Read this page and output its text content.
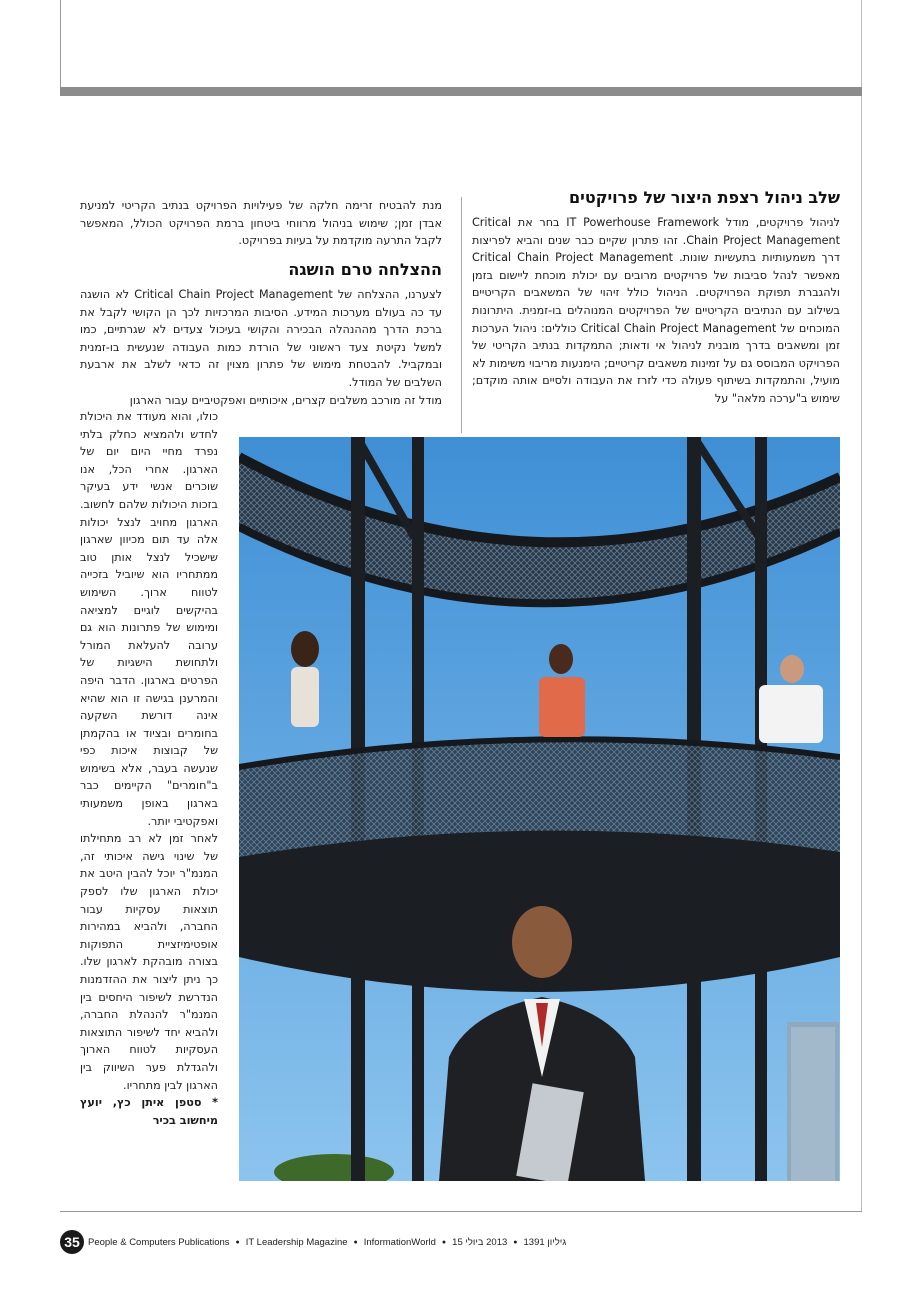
שלב ניהול רצפת היצור של פרויקטים

לניהול פרויקטים, מודל IT Powerhouse Framework בחר את Critical Chain Project Management. זהו פתרון שקיים כבר שנים והביא לפריצות דרך משמעותיות בתעשיות שונות. Critical Chain Project Management מאפשר לנהל סביבות של פרויקטים מרובים עם יכולת מוכחת ליישום בזמן ולהגברת תפוקת הפרויקטים. הניהול כולל זיהוי של המשאבים הקריטיים בשילוב עם הנתיבים הקריטיים של הפרויקטים המנוהלים בו-זמנית. היתרונות המוכחים של Critical Chain Project Management כוללים: ניהול הערכות זמן ומשאבים בדרך מובנית לניהול אי ודאות; התמקדות בנתיב הקריטי של הפרויקט המבוסס גם על זמינות משאבים קריטיים; הימנעות מריבוי משימות לא מועיל, והתמקדות בשיתוף פעולה כדי לזרז את העבודה ולסיים אותה מוקדם; שימוש ב"ערכה מלאה" על

מנת להבטיח זרימה חלקה של פעילויות הפרויקט בנתיב הקריטי למניעת אבדן זמן; שימוש בניהול מרווחי ביטחון ברמת הפרויקט הכולל, המאפשר לקבל התרעה מוקדמת על בעיות בפרויקט.

ההצלחה טרם הושגה

לצערנו, ההצלחה של Critical Chain Project Management לא הושגה עד כה בעולם מערכות המידע. הסיבות המרכזיות לכך הן הקושי לקבל את ברכת הדרך מההנהלה הבכירה והקושי בעיכול צעדים לא שגרתיים, כמו למשל נקיטת צעד ראשוני של הורדת כמות העבודה שנעשית בו-זמנית ובמקביל. להבטחת מימוש של פתרון מצוין זה כדאי לשלב את ארבעת השלבים של המודל.

מודל זה מורכב משלבים קצרים, איכותיים ואפקטיביים עבור הארגון

כולו, והוא מעודד את היכולת לחדש ולהמציא כחלק בלתי נפרד מחיי היום יום של הארגון. אחרי הכל, אנו שוכרים אנשי ידע בעיקר בזכות היכולות שלהם לחשוב. הארגון מחויב לנצל יכולות אלה עד תום מכיוון שארגון שישכיל לנצל אותן טוב ממתחריו הוא שיוביל בזכייה לטווח ארוך. השימוש בהיקשים לוגיים למציאה ומימוש של פתרונות הוא גם ערובה להעלאת המורל ולתחושת הישגיות של הפרטים בארגון. הדבר היפה והמרענן בגישה זו הוא שהיא אינה דורשת השקעה בחומרים ובציוד או בהקמתן של קבוצות איכות כפי שנעשה בעבר, אלא בשימוש ב"חומרים" הקיימים כבר בארגון באופן משמעותי ואפקטיבי יותר.

לאחר זמן לא רב מתחילתו של שינוי גישה איכותי זה, המנמ"ר יוכל להבין היטב את יכולת הארגון שלו לספק תוצאות עסקיות עבור החברה, ולהביא במהירות אופטימיזציית התפוקות בצורה מובהקת לארגון שלו. כך ניתן ליצור את ההזדמנות הנדרשת לשיפור היחסים בין המנמ"ר להנהלת החברה, ולהביא יחד לשיפור התוצאות העסקיות לטווח הארוך ולהגדלת פער השיווק בין הארגון לבין מתחריו.

* סטפן איתן כץ, יועץ מיחשוב בכיר

35 People & Computers Publications ● IT Leadership Magazine ● InformationWorld ● 2013 ביולי 15 ● גיליון 1391
